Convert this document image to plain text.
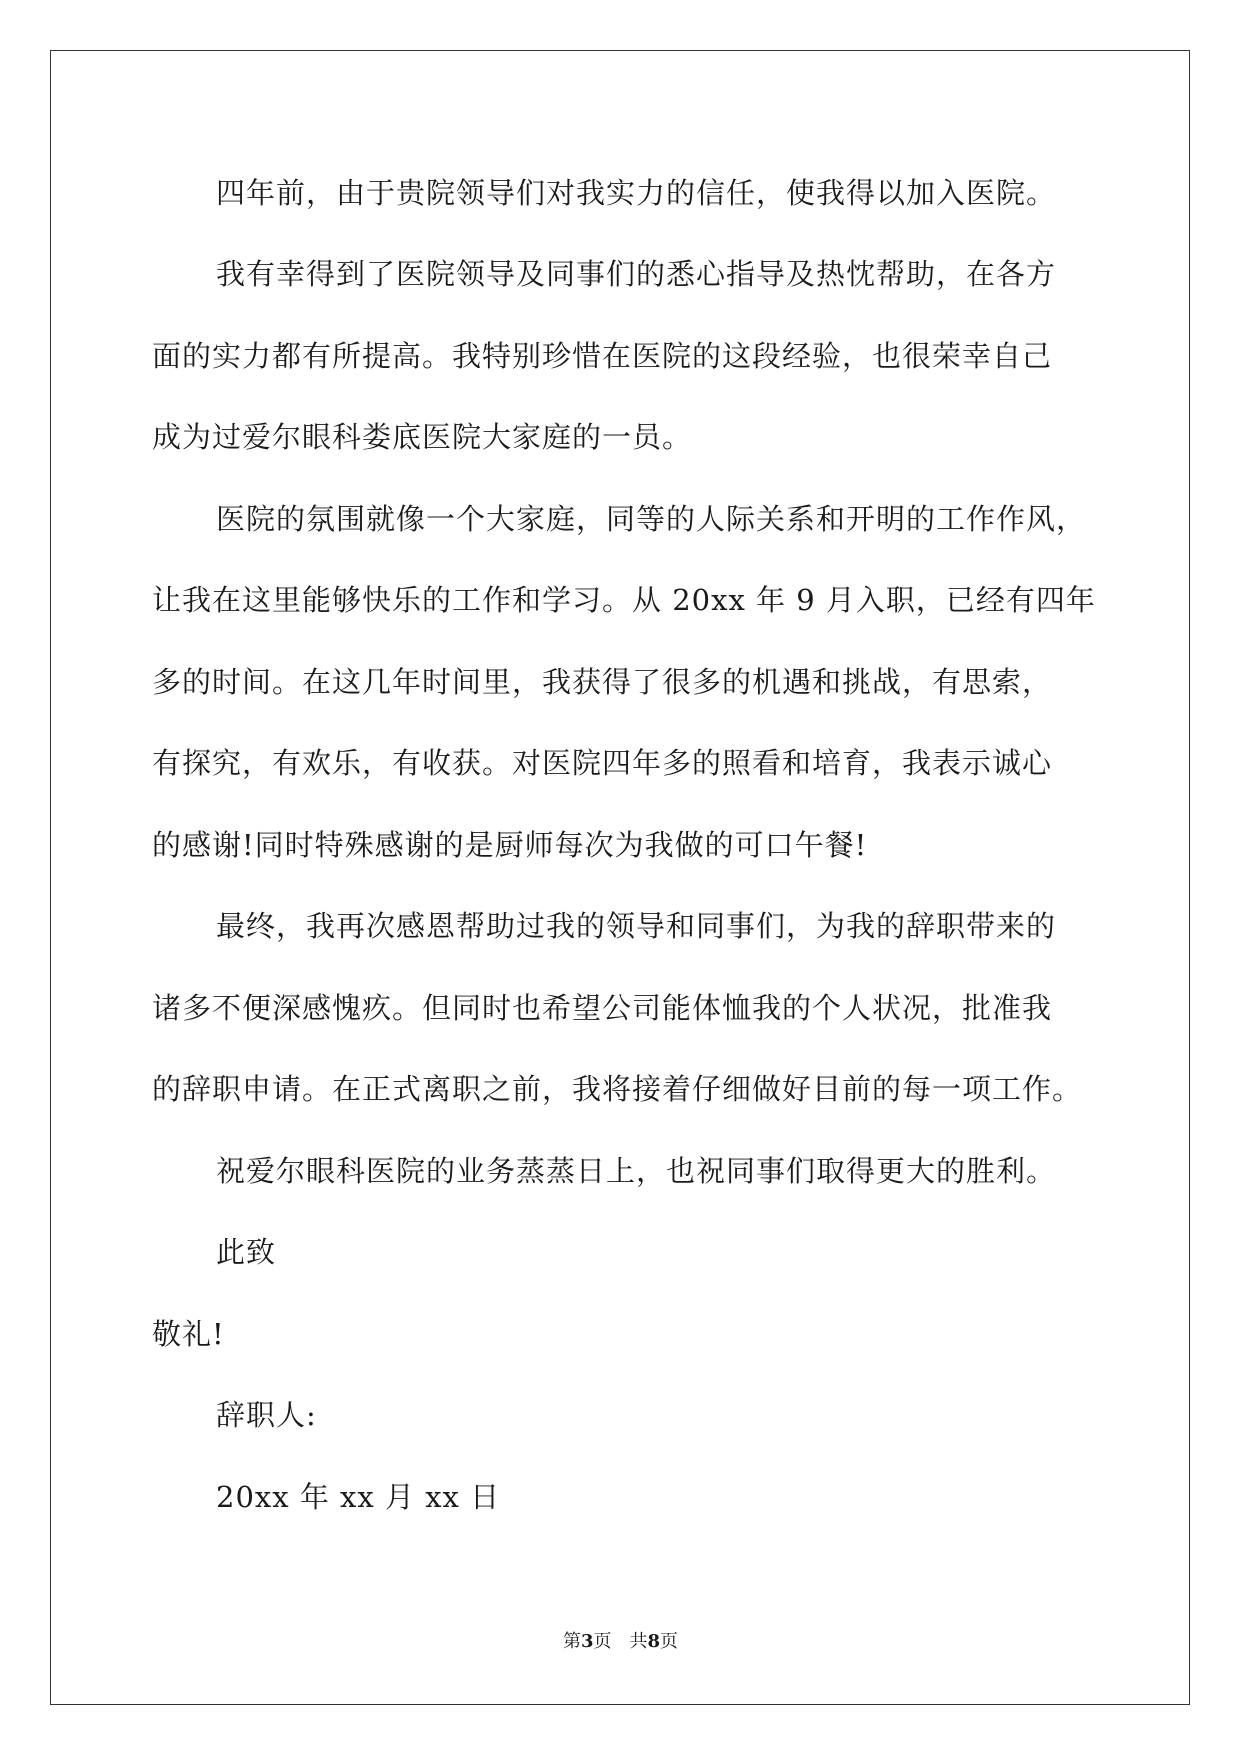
四年前，由于贵院领导们对我实力的信任，使我得以加入医院。
我有幸得到了医院领导及同事们的悉心指导及热忱帮助，在各方
面的实力都有所提高。我特别珍惜在医院的这段经验，也很荣幸自己
成为过爱尔眼科娄底医院大家庭的一员。
医院的氛围就像一个大家庭，同等的人际关系和开明的工作作风，
让我在这里能够快乐的工作和学习。从 20xx 年 9 月入职，已经有四年
多的时间。在这几年时间里，我获得了很多的机遇和挑战，有思索，
有探究，有欢乐，有收获。对医院四年多的照看和培育，我表示诚心
的感谢!同时特殊感谢的是厨师每次为我做的可口午餐!
最终，我再次感恩帮助过我的领导和同事们，为我的辞职带来的
诸多不便深感愧疚。但同时也希望公司能体恤我的个人状况，批准我
的辞职申请。在正式离职之前，我将接着仔细做好目前的每一项工作。
祝爱尔眼科医院的业务蒸蒸日上，也祝同事们取得更大的胜利。
此致
敬礼!
辞职人:
20xx 年 xx 月 xx 日
第3页　共8页
